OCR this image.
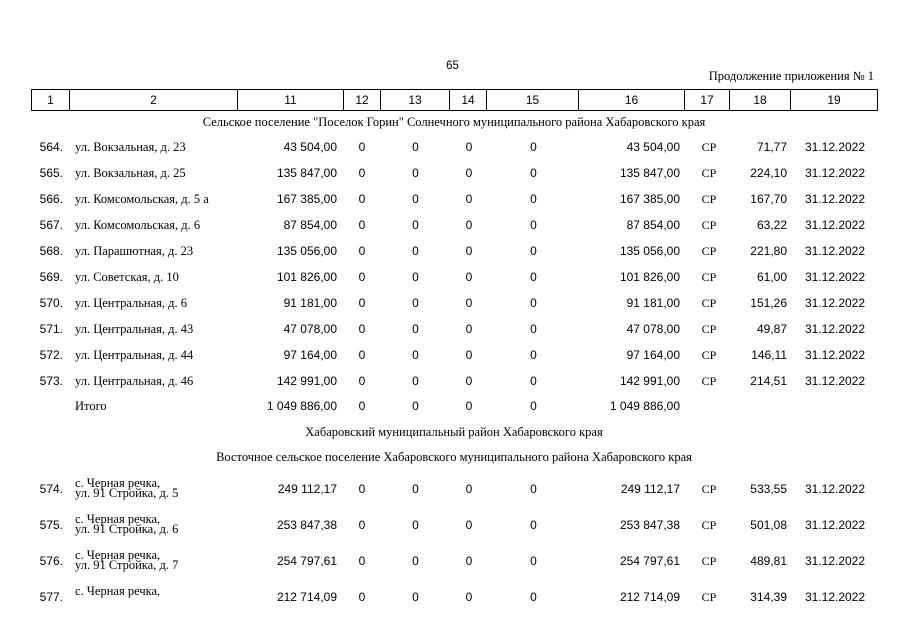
65
Продолжение приложения № 1
1	2	11	12	13	14	15	16	17	18	19
Сельское поселение "Поселок Горин" Солнечного муниципального района Хабаровского края
564. ул. Вокзальная, д. 23	43 504,00	0	0	0	0	43 504,00	СР	71,77	31.12.2022
565. ул. Вокзальная, д. 25	135 847,00	0	0	0	0	135 847,00	СР	224,10	31.12.2022
566. ул. Комсомольская, д. 5 а	167 385,00	0	0	0	0	167 385,00	СР	167,70	31.12.2022
567. ул. Комсомольская, д. 6	87 854,00	0	0	0	0	87 854,00	СР	63,22	31.12.2022
568. ул. Парашютная, д. 23	135 056,00	0	0	0	0	135 056,00	СР	221,80	31.12.2022
569. ул. Советская, д. 10	101 826,00	0	0	0	0	101 826,00	СР	61,00	31.12.2022
570. ул. Центральная, д. 6	91 181,00	0	0	0	0	91 181,00	СР	151,26	31.12.2022
571. ул. Центральная, д. 43	47 078,00	0	0	0	0	47 078,00	СР	49,87	31.12.2022
572. ул. Центральная, д. 44	97 164,00	0	0	0	0	97 164,00	СР	146,11	31.12.2022
573. ул. Центральная, д. 46	142 991,00	0	0	0	0	142 991,00	СР	214,51	31.12.2022
Итого	1 049 886,00	0	0	0	0	1 049 886,00
Хабаровский муниципальный район Хабаровского края
Восточное сельское поселение Хабаровского муниципального района Хабаровского края
574. с. Черная речка,
ул. 91 Стройка, д. 5	249 112,17	0	0	0	0	249 112,17	СР	533,55	31.12.2022
575. с. Черная речка,
ул. 91 Стройка, д. 6	253 847,38	0	0	0	0	253 847,38	СР	501,08	31.12.2022
576. с. Черная речка,
ул. 91 Стройка, д. 7	254 797,61	0	0	0	0	254 797,61	СР	489,81	31.12.2022
577. с. Черная речка,	212 714,09	0	0	0	0	212 714,09	СР	314,39	31.12.2022
